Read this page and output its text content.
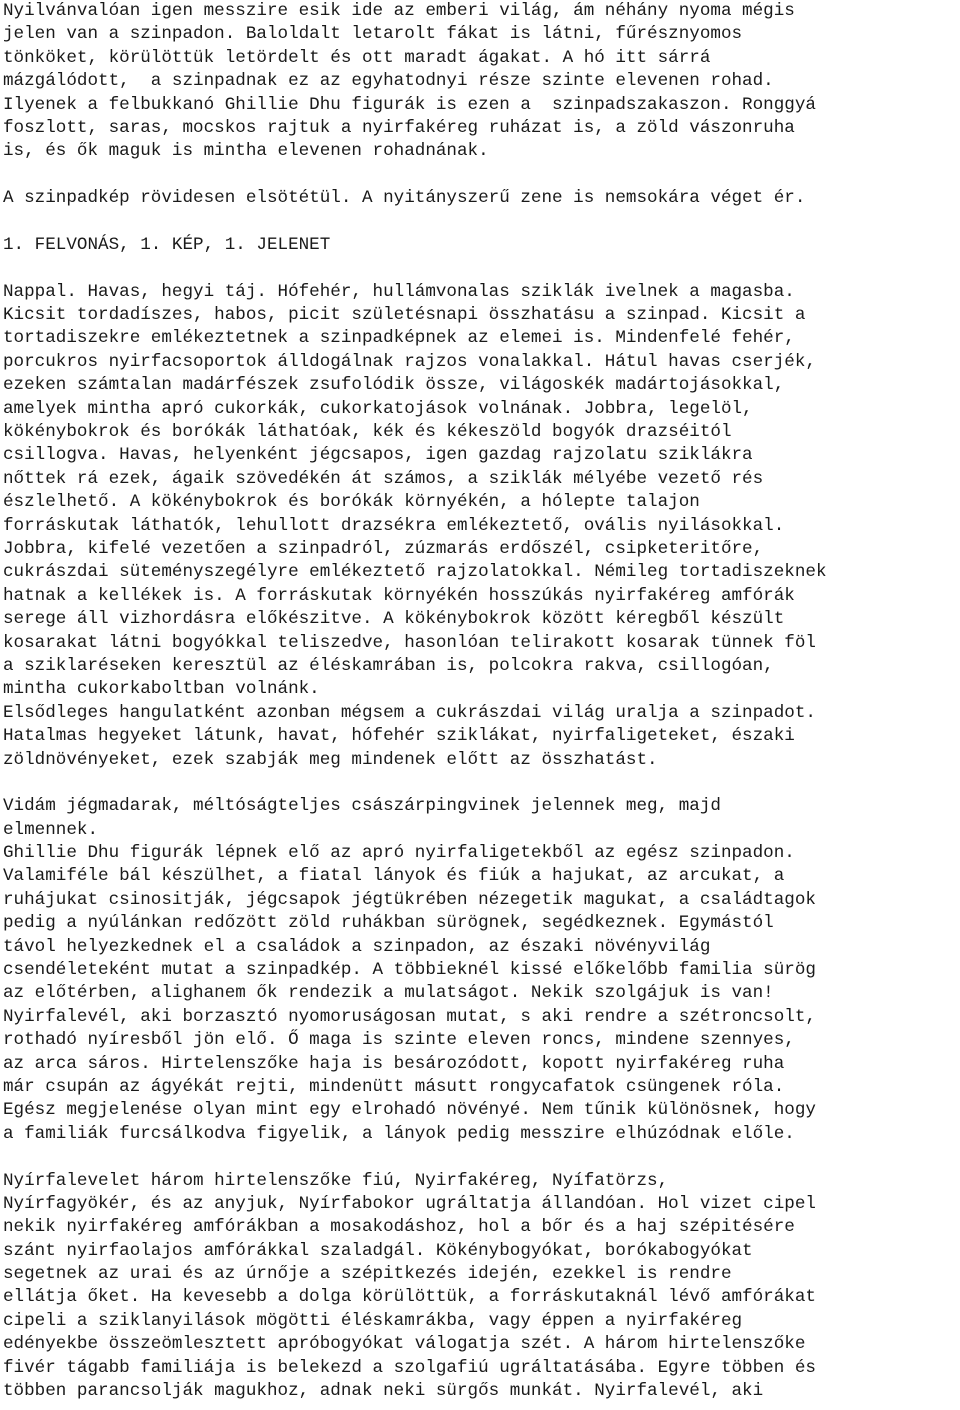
Nyilvánvalóan igen messzire esik ide az emberi világ, ám néhány nyoma mégis
jelen van a szinpadon. Baloldalt letarolt fákat is látni, fűrésznyomos
tönköket, körülöttük letördelt és ott maradt ágakat. A hó itt sárrá
mázgálódott,  a szinpadnak ez az egyhatodnyi része szinte elevenen rohad.
Ilyenek a felbukkanó Ghillie Dhu figurák is ezen a  szinpadszakaszon. Ronggyá
foszlott, saras, mocskos rajtuk a nyirfakéreg ruházat is, a zöld vászonruha
is, és ők maguk is mintha elevenen rohadnának.
A szinpadkép rövidesen elsötétül. A nyitányszerű zene is nemsokára véget ér.
1. FELVONÁS, 1. KÉP, 1. JELENET
Nappal. Havas, hegyi táj. Hófehér, hullámvonalas sziklák ivelnek a magasba.
Kicsit tordadíszes, habos, picit születésnapi összhatásu a szinpad. Kicsit a
tortadiszekre emlékeztetnek a szinpadképnek az elemei is. Mindenfelé fehér,
porcukros nyirfacsoportok álldogálnak rajzos vonalakkal. Hátul havas cserjék,
ezeken számtalan madárfészek zsufolódik össze, világoskék madártojásokkal,
amelyek mintha apró cukorkák, cukorkatojások volnának. Jobbra, legelöl,
kökénybokrok és borókák láthatóak, kék és kékeszöld bogyók drazséitól
csillogva. Havas, helyenként jégcsapos, igen gazdag rajzolatu sziklákra
nőttek rá ezek, ágaik szövedékén át számos, a sziklák mélyébe vezető rés
észlelhető. A kökénybokrok és borókák környékén, a hólepte talajon
forráskutak láthatók, lehullott drazsékra emlékeztető, ovális nyilásokkal.
Jobbra, kifelé vezetően a szinpadról, zúzmarás erdőszél, csipketeritőre,
cukrászdai süteményszegélyre emlékeztető rajzolatokkal. Némileg tortadiszeknek
hatnak a kellékek is. A forráskutak környékén hosszúkás nyirfakéreg amfórák
serege áll vizhordásra előkészitve. A kökénybokrok között kéregből készült
kosarakat látni bogyókkal teliszedve, hasonlóan telirakott kosarak tünnek föl
a sziklaréseken keresztül az éléskamrában is, polcokra rakva, csillogóan,
mintha cukorkaboltban volnánk.
Elsődleges hangulatként azonban mégsem a cukrászdai világ uralja a szinpadot.
Hatalmas hegyeket látunk, havat, hófehér sziklákat, nyirfaligeteket, északi
zöldnövényeket, ezek szabják meg mindenek előtt az összhatást.
Vidám jégmadarak, méltóságteljes császárpingvinek jelennek meg, majd
elmennek.
Ghillie Dhu figurák lépnek elő az apró nyirfaligetekből az egész szinpadon.
Valamiféle bál készülhet, a fiatal lányok és fiúk a hajukat, az arcukat, a
ruhájukat csinositják, jégcsapok jégtükrében nézegetik magukat, a családtagok
pedig a nyúlánkan redőzött zöld ruhákban sürögnek, segédkeznek. Egymástól
távol helyezkednek el a családok a szinpadon, az északi növényvilág
csendéleteként mutat a szinpadkép. A többieknél kissé előkelőbb familia sürög
az előtérben, alighanem ők rendezik a mulatságot. Nekik szolgájuk is van!
Nyirfalevél, aki borzasztó nyomoruságosan mutat, s aki rendre a szétroncsolt,
rothadó nyíresből jön elő. Ő maga is szinte eleven roncs, mindene szennyes,
az arca sáros. Hirtelenszőke haja is besározódott, kopott nyirfakéreg ruha
már csupán az ágyékát rejti, mindenütt másutt rongycafatok csüngenek róla.
Egész megjelenése olyan mint egy elrohadó növényé. Nem tűnik különösnek, hogy
a familiák furcsálkodva figyelik, a lányok pedig messzire elhúzódnak előle.
Nyírfalevelet három hirtelenszőke fiú, Nyirfakéreg, Nyífatörzs,
Nyírfagyökér, és az anyjuk, Nyírfabokor ugráltatja állandóan. Hol vizet cipel
nekik nyirfakéreg amfórákban a mosakodáshoz, hol a bőr és a haj szépitésére
szánt nyirfaolajos amfórákkal szaladgál. Kökénybogyókat, borókabogyókat
segetnek az urai és az úrnője a szépitkezés idején, ezekkel is rendre
ellátja őket. Ha kevesebb a dolga körülöttük, a forráskutaknál lévő amfórákat
cipeli a sziklanyilások mögötti éléskamrákba, vagy éppen a nyirfakéreg
edényekbe összeömlesztett apróbogyókat válogatja szét. A három hirtelenszőke
fivér tágabb familiája is belekezd a szolgafiú ugráltatásába. Egyre többen és
többen parancsolják magukhoz, adnak neki sürgős munkát. Nyirfalevél, aki
